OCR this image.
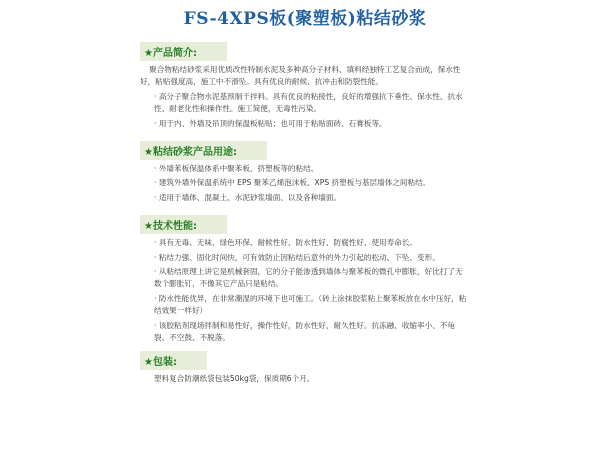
FS-4XPS板(聚塑板)粘结砂浆
★产品简介:

聚合物粘结砂浆采用优质改性特制水泥及多种高分子材料、填料经独特工艺复合而成，保水性好，粘贴强度高，施工中不滑坠。具有优良的耐候、抗冲击和防裂性能。

· 高分子聚合物水泥基预制干拌料。具有优良的粘接性，良好的增强抗下垂性、保水性、抗水性、耐老化性和操作性。施工简便，无毒性污染。

· 用于内、外墙及吊顶的保温板粘贴；也可用于粘贴面砖、石膏板等。

★粘结砂浆产品用途:

· 外墙苯板保温体系中聚苯板、挤塑板等的粘结。

· 建筑外墙外保温系统中 EPS 聚苯乙烯泡沫板、XPS 挤塑板与基层墙体之间粘结。

· 适用于墙体、混凝土、水泥砂浆墙面、以及各种墙面。

★技术性能:

· 具有无毒、无味、绿色环保、耐候性好、防水性好、防腐性好、使用寿命长。

· 粘结力强、固化时间快，可有效防止因粘结后意外的外力引起的松动、下坠、变形。

· 从粘结原理上讲它是机械套固，它的分子能渗透到墙体与聚苯板的微孔中膨胀，好比打了无数个膨胀钉，不像其它产品只是粘结。

· 防水性能优异，在非常潮湿的环境下也可施工。（砖上涂抹胶浆粘上聚苯板放在水中压好，粘结效果一样好）

· 该胶粘剂现场拌制和易性好，操作性好，防水性好，耐久性好。抗冻融、收缩率小、不龟裂、不空鼓、不脱落。

★包装:

塑料复合防潮纸袋包装50kg袋，保质期6个月。
